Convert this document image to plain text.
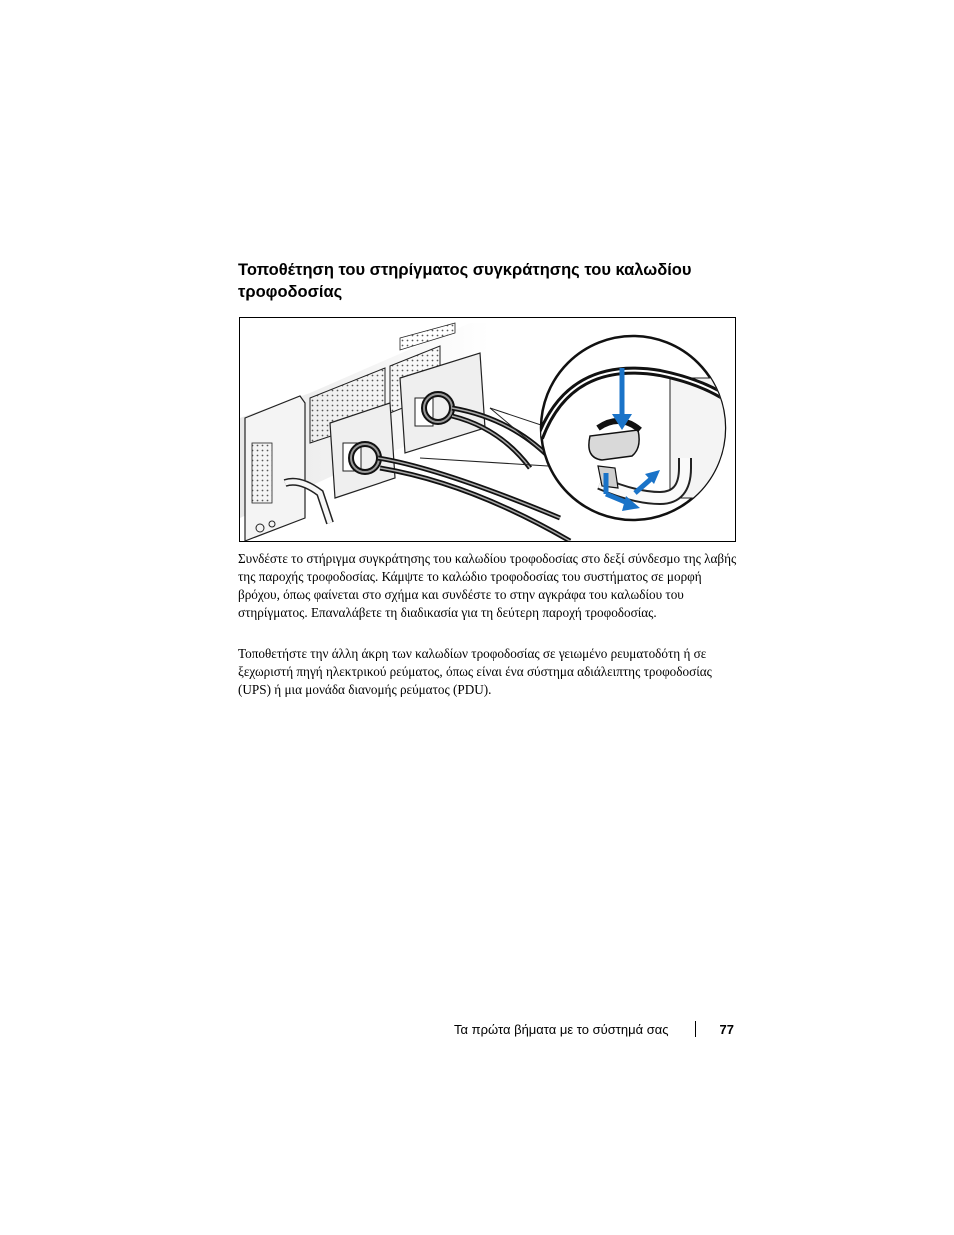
Τοποθέτηση του στηρίγματος συγκράτησης του καλωδίου τροφοδοσίας

Συνδέστε το στήριγμα συγκράτησης του καλωδίου τροφοδοσίας στο δεξί σύνδεσμο της λαβής της παροχής τροφοδοσίας. Κάμψτε το καλώδιο τροφοδοσίας του συστήματος σε μορφή βρόχου, όπως φαίνεται στο σχήμα και συνδέστε το στην αγκράφα του καλωδίου του στηρίγματος. Επαναλάβετε τη διαδικασία για τη δεύτερη παροχή τροφοδοσίας.

Τοποθετήστε την άλλη άκρη των καλωδίων τροφοδοσίας σε γειωμένο ρευματοδότη ή σε ξεχωριστή πηγή ηλεκτρικού ρεύματος, όπως είναι ένα σύστημα αδιάλειπτης τροφοδοσίας (UPS) ή μια μονάδα διανομής ρεύματος (PDU).

Τα πρώτα βήματα με το σύστημά σας	77
